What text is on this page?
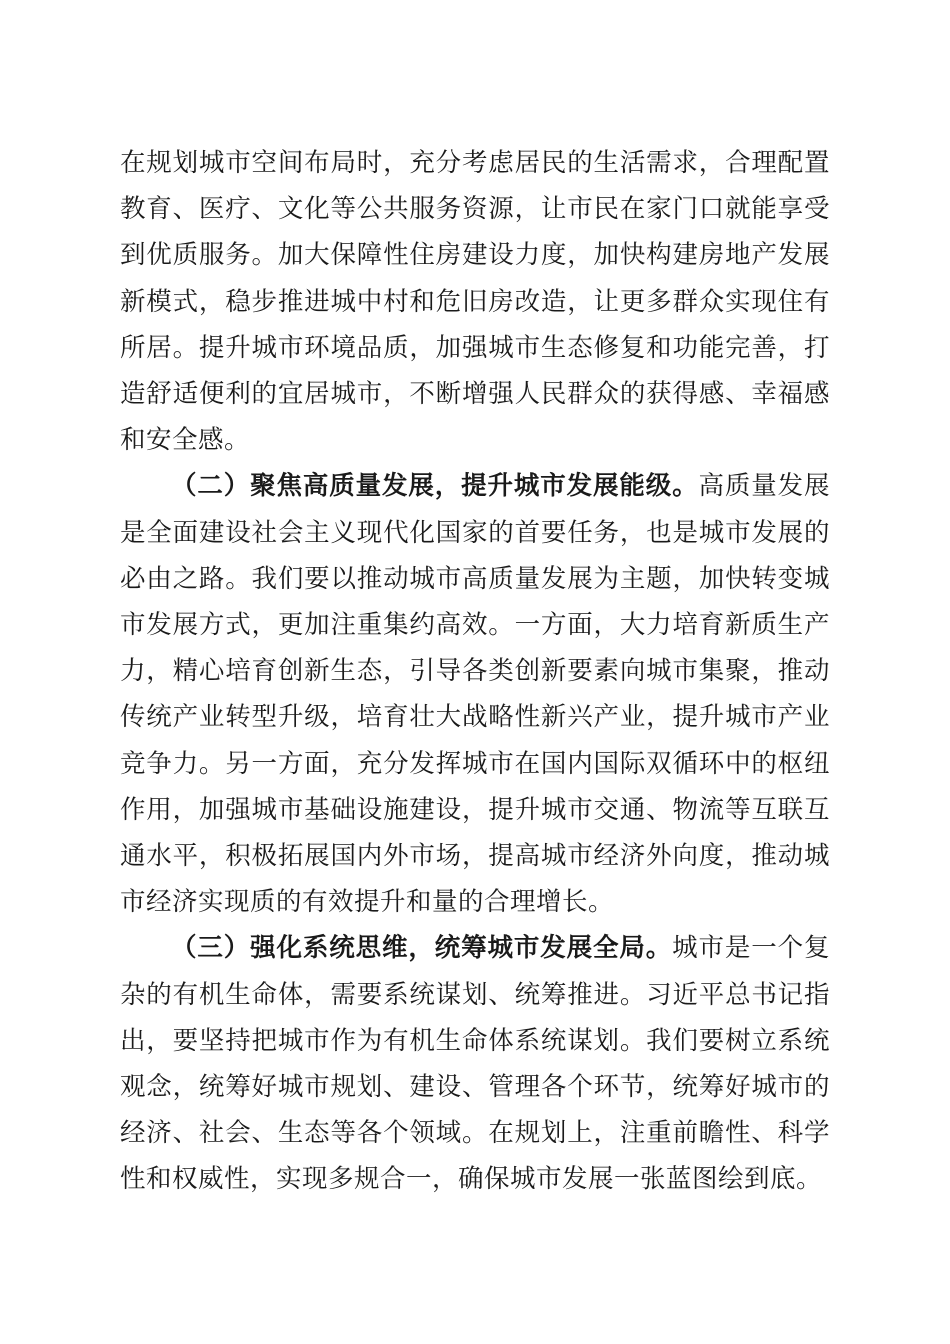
在规划城市空间布局时，充分考虑居民的生活需求，合理配置教育、医疗、文化等公共服务资源，让市民在家门口就能享受到优质服务。加大保障性住房建设力度，加快构建房地产发展新模式，稳步推进城中村和危旧房改造，让更多群众实现住有所居。提升城市环境品质，加强城市生态修复和功能完善，打造舒适便利的宜居城市，不断增强人民群众的获得感、幸福感和安全感。

（二）聚焦高质量发展，提升城市发展能级。高质量发展是全面建设社会主义现代化国家的首要任务，也是城市发展的必由之路。我们要以推动城市高质量发展为主题，加快转变城市发展方式，更加注重集约高效。一方面，大力培育新质生产力，精心培育创新生态，引导各类创新要素向城市集聚，推动传统产业转型升级，培育壮大战略性新兴产业，提升城市产业竞争力。另一方面，充分发挥城市在国内国际双循环中的枢纽作用，加强城市基础设施建设，提升城市交通、物流等互联互通水平，积极拓展国内外市场，提高城市经济外向度，推动城市经济实现质的有效提升和量的合理增长。

（三）强化系统思维，统筹城市发展全局。城市是一个复杂的有机生命体，需要系统谋划、统筹推进。习近平总书记指出，要坚持把城市作为有机生命体系统谋划。我们要树立系统观念，统筹好城市规划、建设、管理各个环节，统筹好城市的经济、社会、生态等各个领域。在规划上，注重前瞻性、科学性和权威性，实现多规合一，确保城市发展一张蓝图绘到底。
